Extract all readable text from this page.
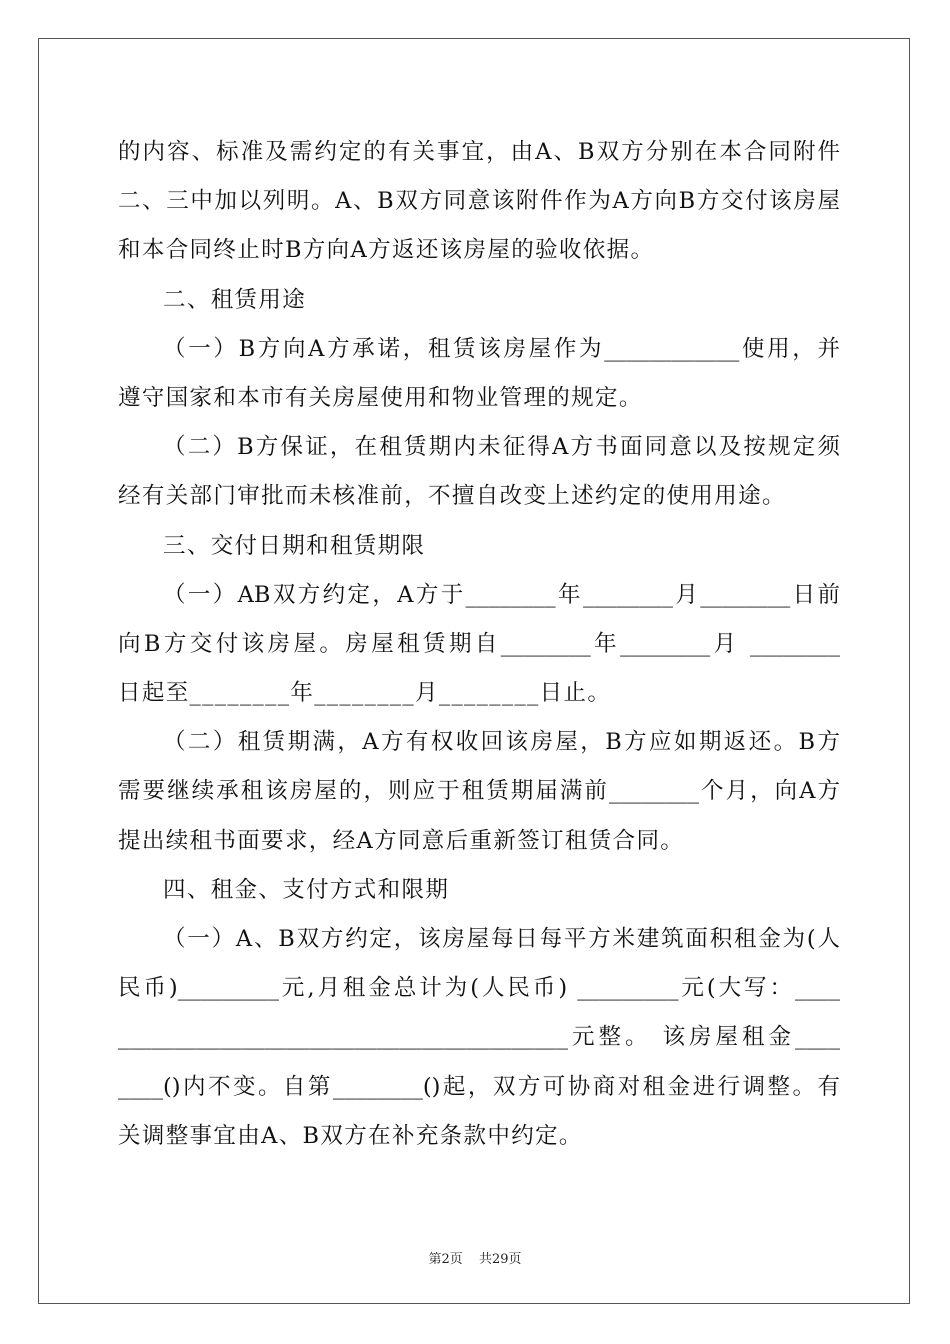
的内容、标准及需约定的有关事宜，由A、B双方分别在本合同附件
二、三中加以列明。A、B双方同意该附件作为A方向B方交付该房屋
和本合同终止时B方向A方返还该房屋的验收依据。
二、租赁用途
（一）B方向A方承诺，租赁该房屋作为____________使用，并
遵守国家和本市有关房屋使用和物业管理的规定。
（二）B方保证，在租赁期内未征得A方书面同意以及按规定须
经有关部门审批而未核准前，不擅自改变上述约定的使用用途。
三、交付日期和租赁期限
（一）AB双方约定，A方于________年________月________日前
向B方交付该房屋。房屋租赁期自________年________月 ________
日起至________年________月________日止。
（二）租赁期满，A方有权收回该房屋，B方应如期返还。B方
需要继续承租该房屋的，则应于租赁期届满前________个月，向A方
提出续租书面要求，经A方同意后重新签订租赁合同。
四、租金、支付方式和限期
（一）A、B双方约定，该房屋每日每平方米建筑面积租金为(人
民币)_________元,月租金总计为(人民币) _________元(大写：____
________________________________________元整。 该房屋租金____
____()内不变。自第________()起，双方可协商对租金进行调整。有
关调整事宜由A、B双方在补充条款中约定。
第2页 共29页
